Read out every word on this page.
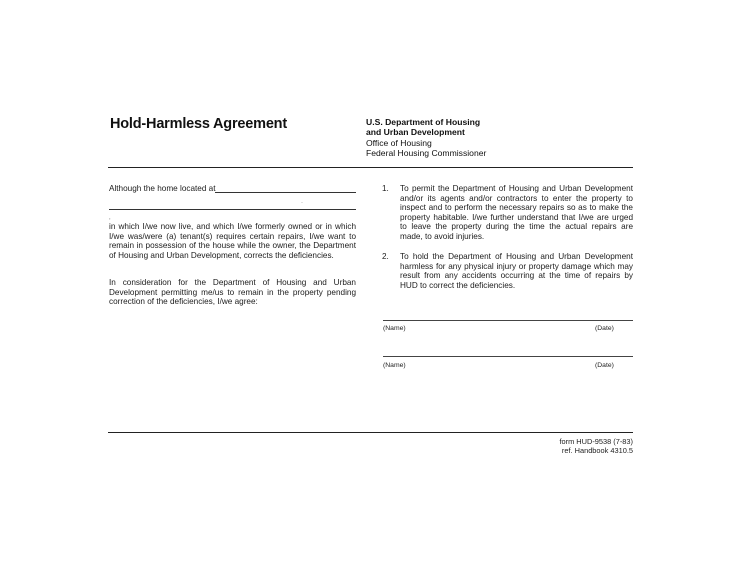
Hold-Harmless Agreement	U.S. Department of Housing
and Urban Development
Office of Housing
Federal Housing Commissioner
Although the home located at
·
,
in which I/we now live, and which I/we formerly owned or in which I/we was/were (a) tenant(s) requires certain repairs, I/we want to remain in possession of the house while the owner, the Department of Housing and Urban Development, corrects the deficiencies.
In consideration for the Department of Housing and Urban Development permitting me/us to remain in the property pending correction of the deficiencies, I/we agree:
1. To permit the Department of Housing and Urban Development and/or its agents and/or contractors to enter the property to inspect and to perform the necessary repairs so as to make the property habitable. I/we further understand that I/we are urged to leave the property during the time the actual repairs are made, to avoid injuries.
2. To hold the Department of Housing and Urban Development harmless for any physical injury or property damage which may result from any accidents occurring at the time of repairs by HUD to correct the deficiencies.
(Name)	(Date)
(Name)	(Date)
form HUD-9538 (7-83)
ref. Handbook 4310.5
